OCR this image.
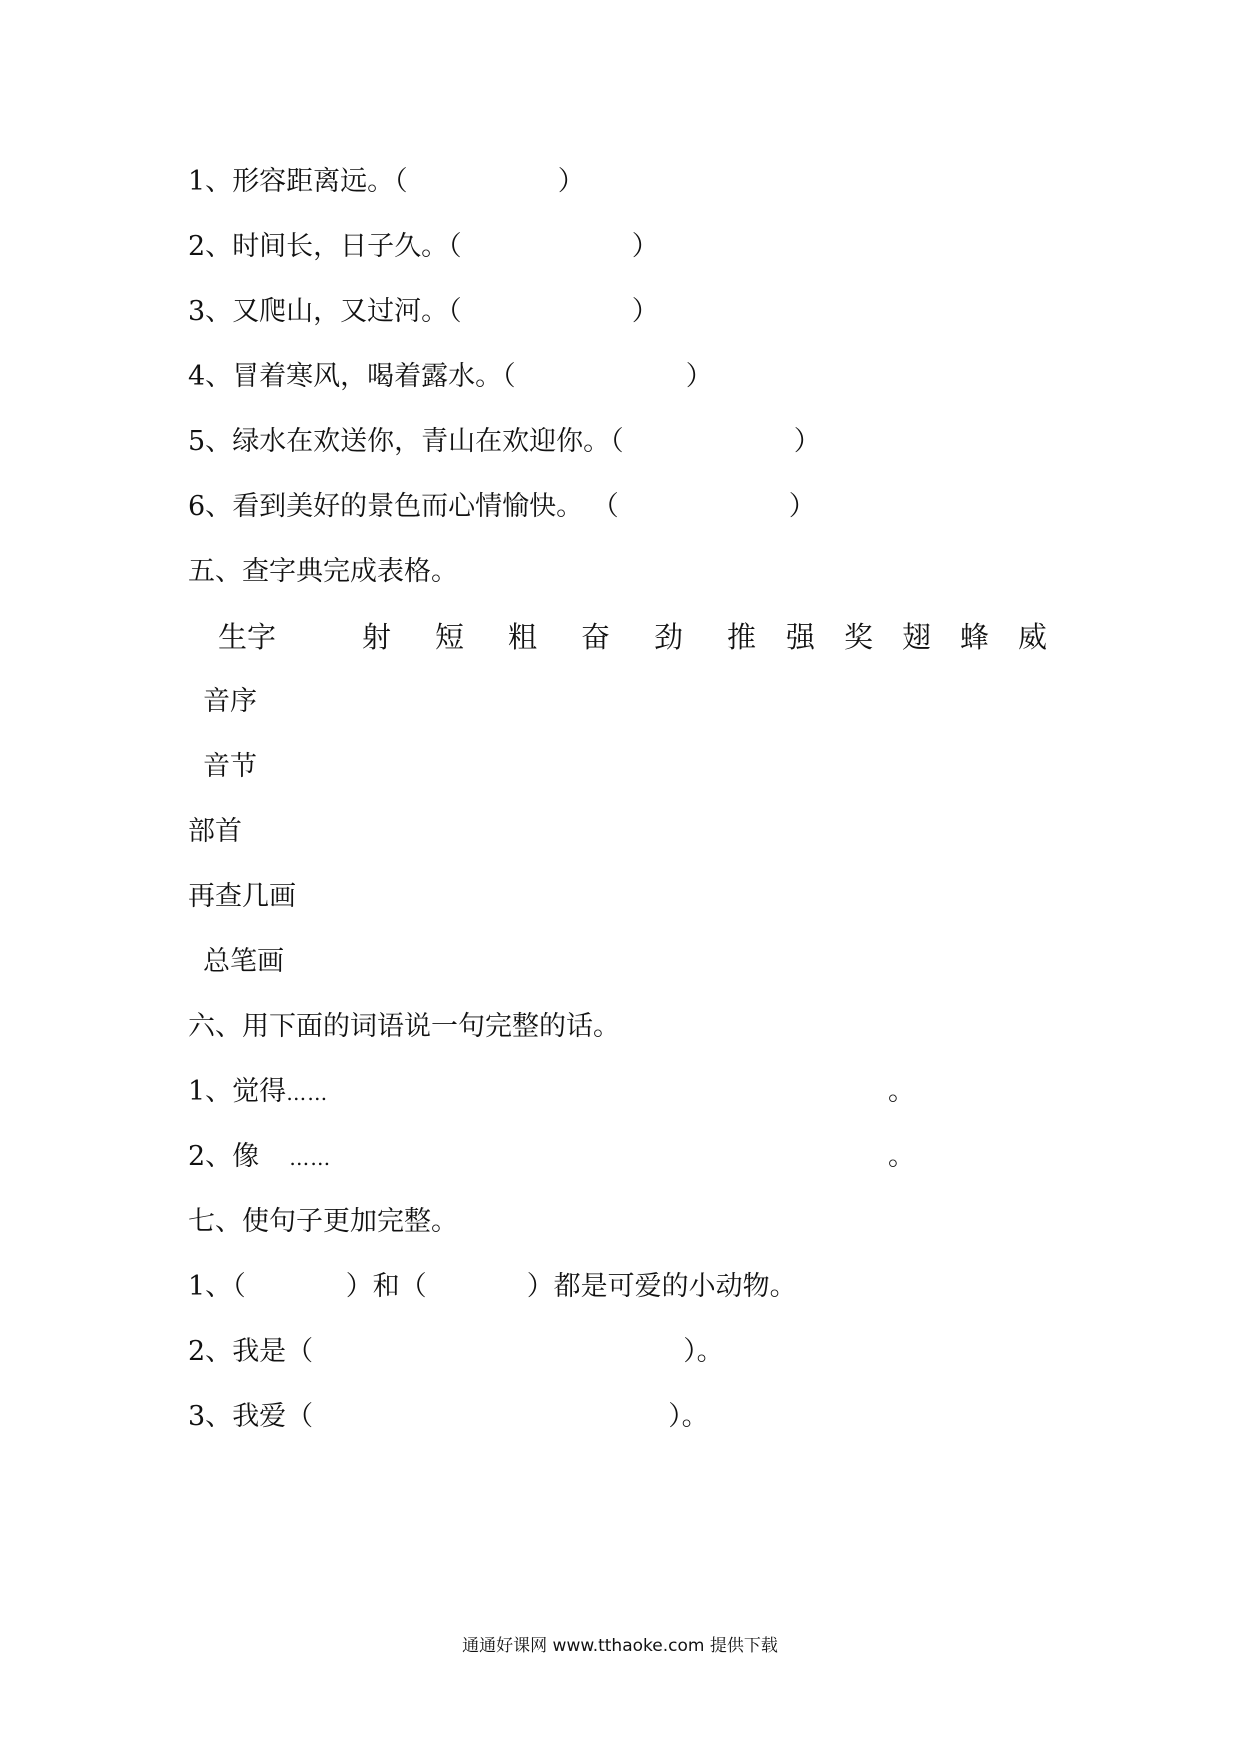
1、形容距离远。（	）
2、时间长，日子久。（	）
3、又爬山，又过河。（	）
4、冒着寒风，喝着露水。（	）
5、绿水在欢送你，青山在欢迎你。（	）
6、看到美好的景色而心情愉快。 （	）
五、查字典完成表格。
生字	射 短 粗 奋 劲 推 强 奖 翅 蜂 威
音序
音节
部首
再查几画
总笔画
六、用下面的词语说一句完整的话。
1、觉得……	。
2、像 ……	。
七、使句子更加完整。
1、（	）和（	）都是可爱的小动物。
2、我是（	）。
3、我爱（	）。
通通好课网 www.tthaoke.com 提供下载
